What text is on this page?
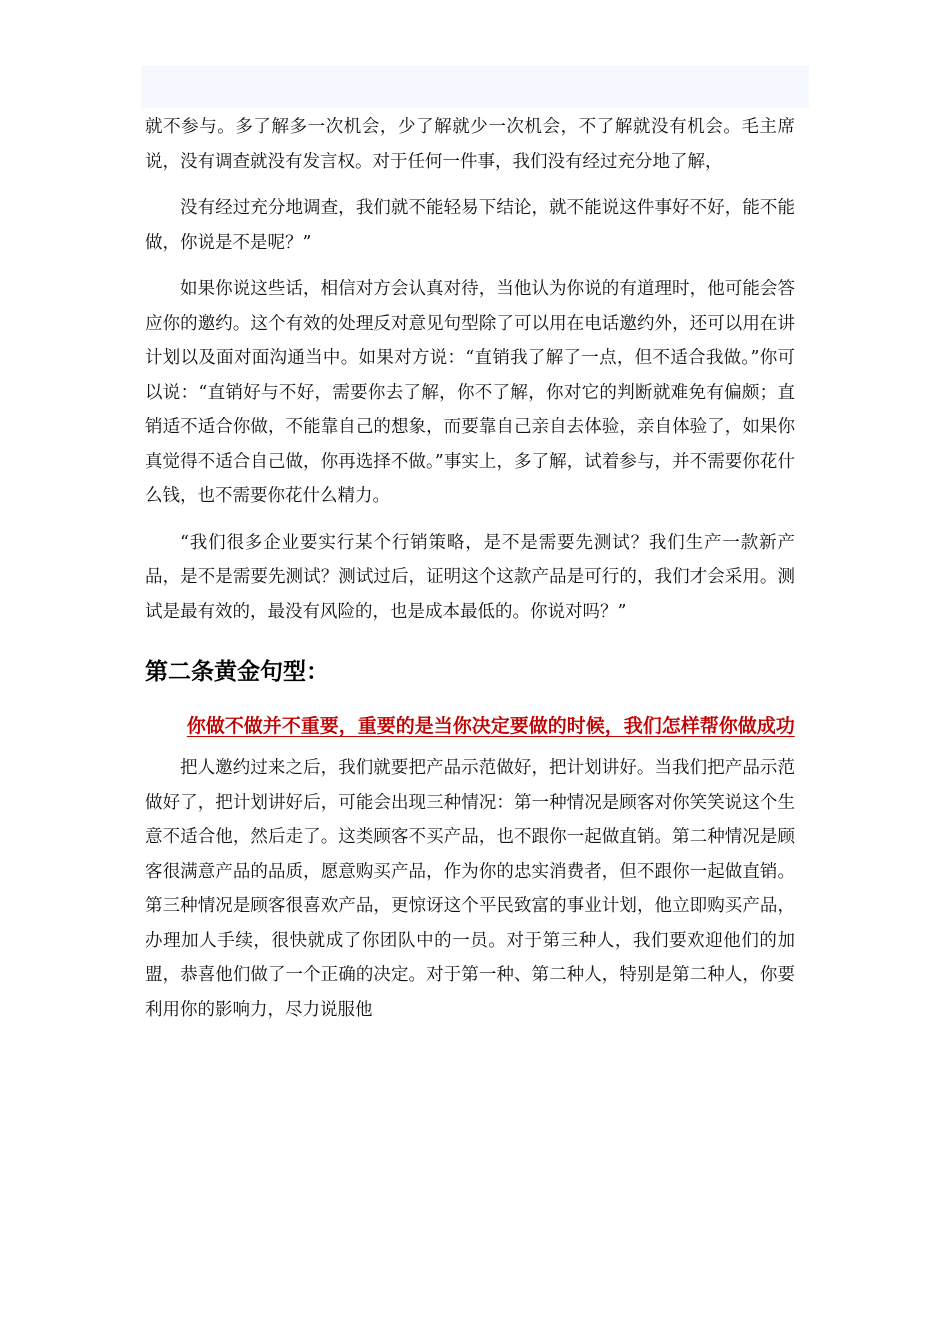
就不参与。多了解多一次机会，少了解就少一次机会，不了解就没有机会。毛主席说，没有调查就没有发言权。对于任何一件事，我们没有经过充分地了解，

没有经过充分地调查，我们就不能轻易下结论，就不能说这件事好不好，能不能做，你说是不是呢？”

如果你说这些话，相信对方会认真对待，当他认为你说的有道理时，他可能会答应你的邀约。这个有效的处理反对意见句型除了可以用在电话邀约外，还可以用在讲计划以及面对面沟通当中。如果对方说：“直销我了解了一点，但不适合我做。”你可以说：“直销好与不好，需要你去了解，你不了解，你对它的判断就难免有偏颇；直销适不适合你做，不能靠自己的想象，而要靠自己亲自去体验，亲自体验了，如果你真觉得不适合自己做，你再选择不做。”事实上，多了解，试着参与，并不需要你花什么钱，也不需要你花什么精力。

“我们很多企业要实行某个行销策略，是不是需要先测试？我们生产一款新产品，是不是需要先测试？测试过后，证明这个这款产品是可行的，我们才会采用。测试是最有效的，最没有风险的，也是成本最低的。你说对吗？”

第二条黄金句型：

你做不做并不重要，重要的是当你决定要做的时候，我们怎样帮你做成功

把人邀约过来之后，我们就要把产品示范做好，把计划讲好。当我们把产品示范做好了，把计划讲好后，可能会出现三种情况：第一种情况是顾客对你笑笑说这个生意不适合他，然后走了。这类顾客不买产品，也不跟你一起做直销。第二种情况是顾客很满意产品的品质，愿意购买产品，作为你的忠实消费者，但不跟你一起做直销。第三种情况是顾客很喜欢产品，更惊讶这个平民致富的事业计划，他立即购买产品，办理加人手续，很快就成了你团队中的一员。对于第三种人，我们要欢迎他们的加盟，恭喜他们做了一个正确的决定。对于第一种、第二种人，特别是第二种人，你要利用你的影响力，尽力说服他
